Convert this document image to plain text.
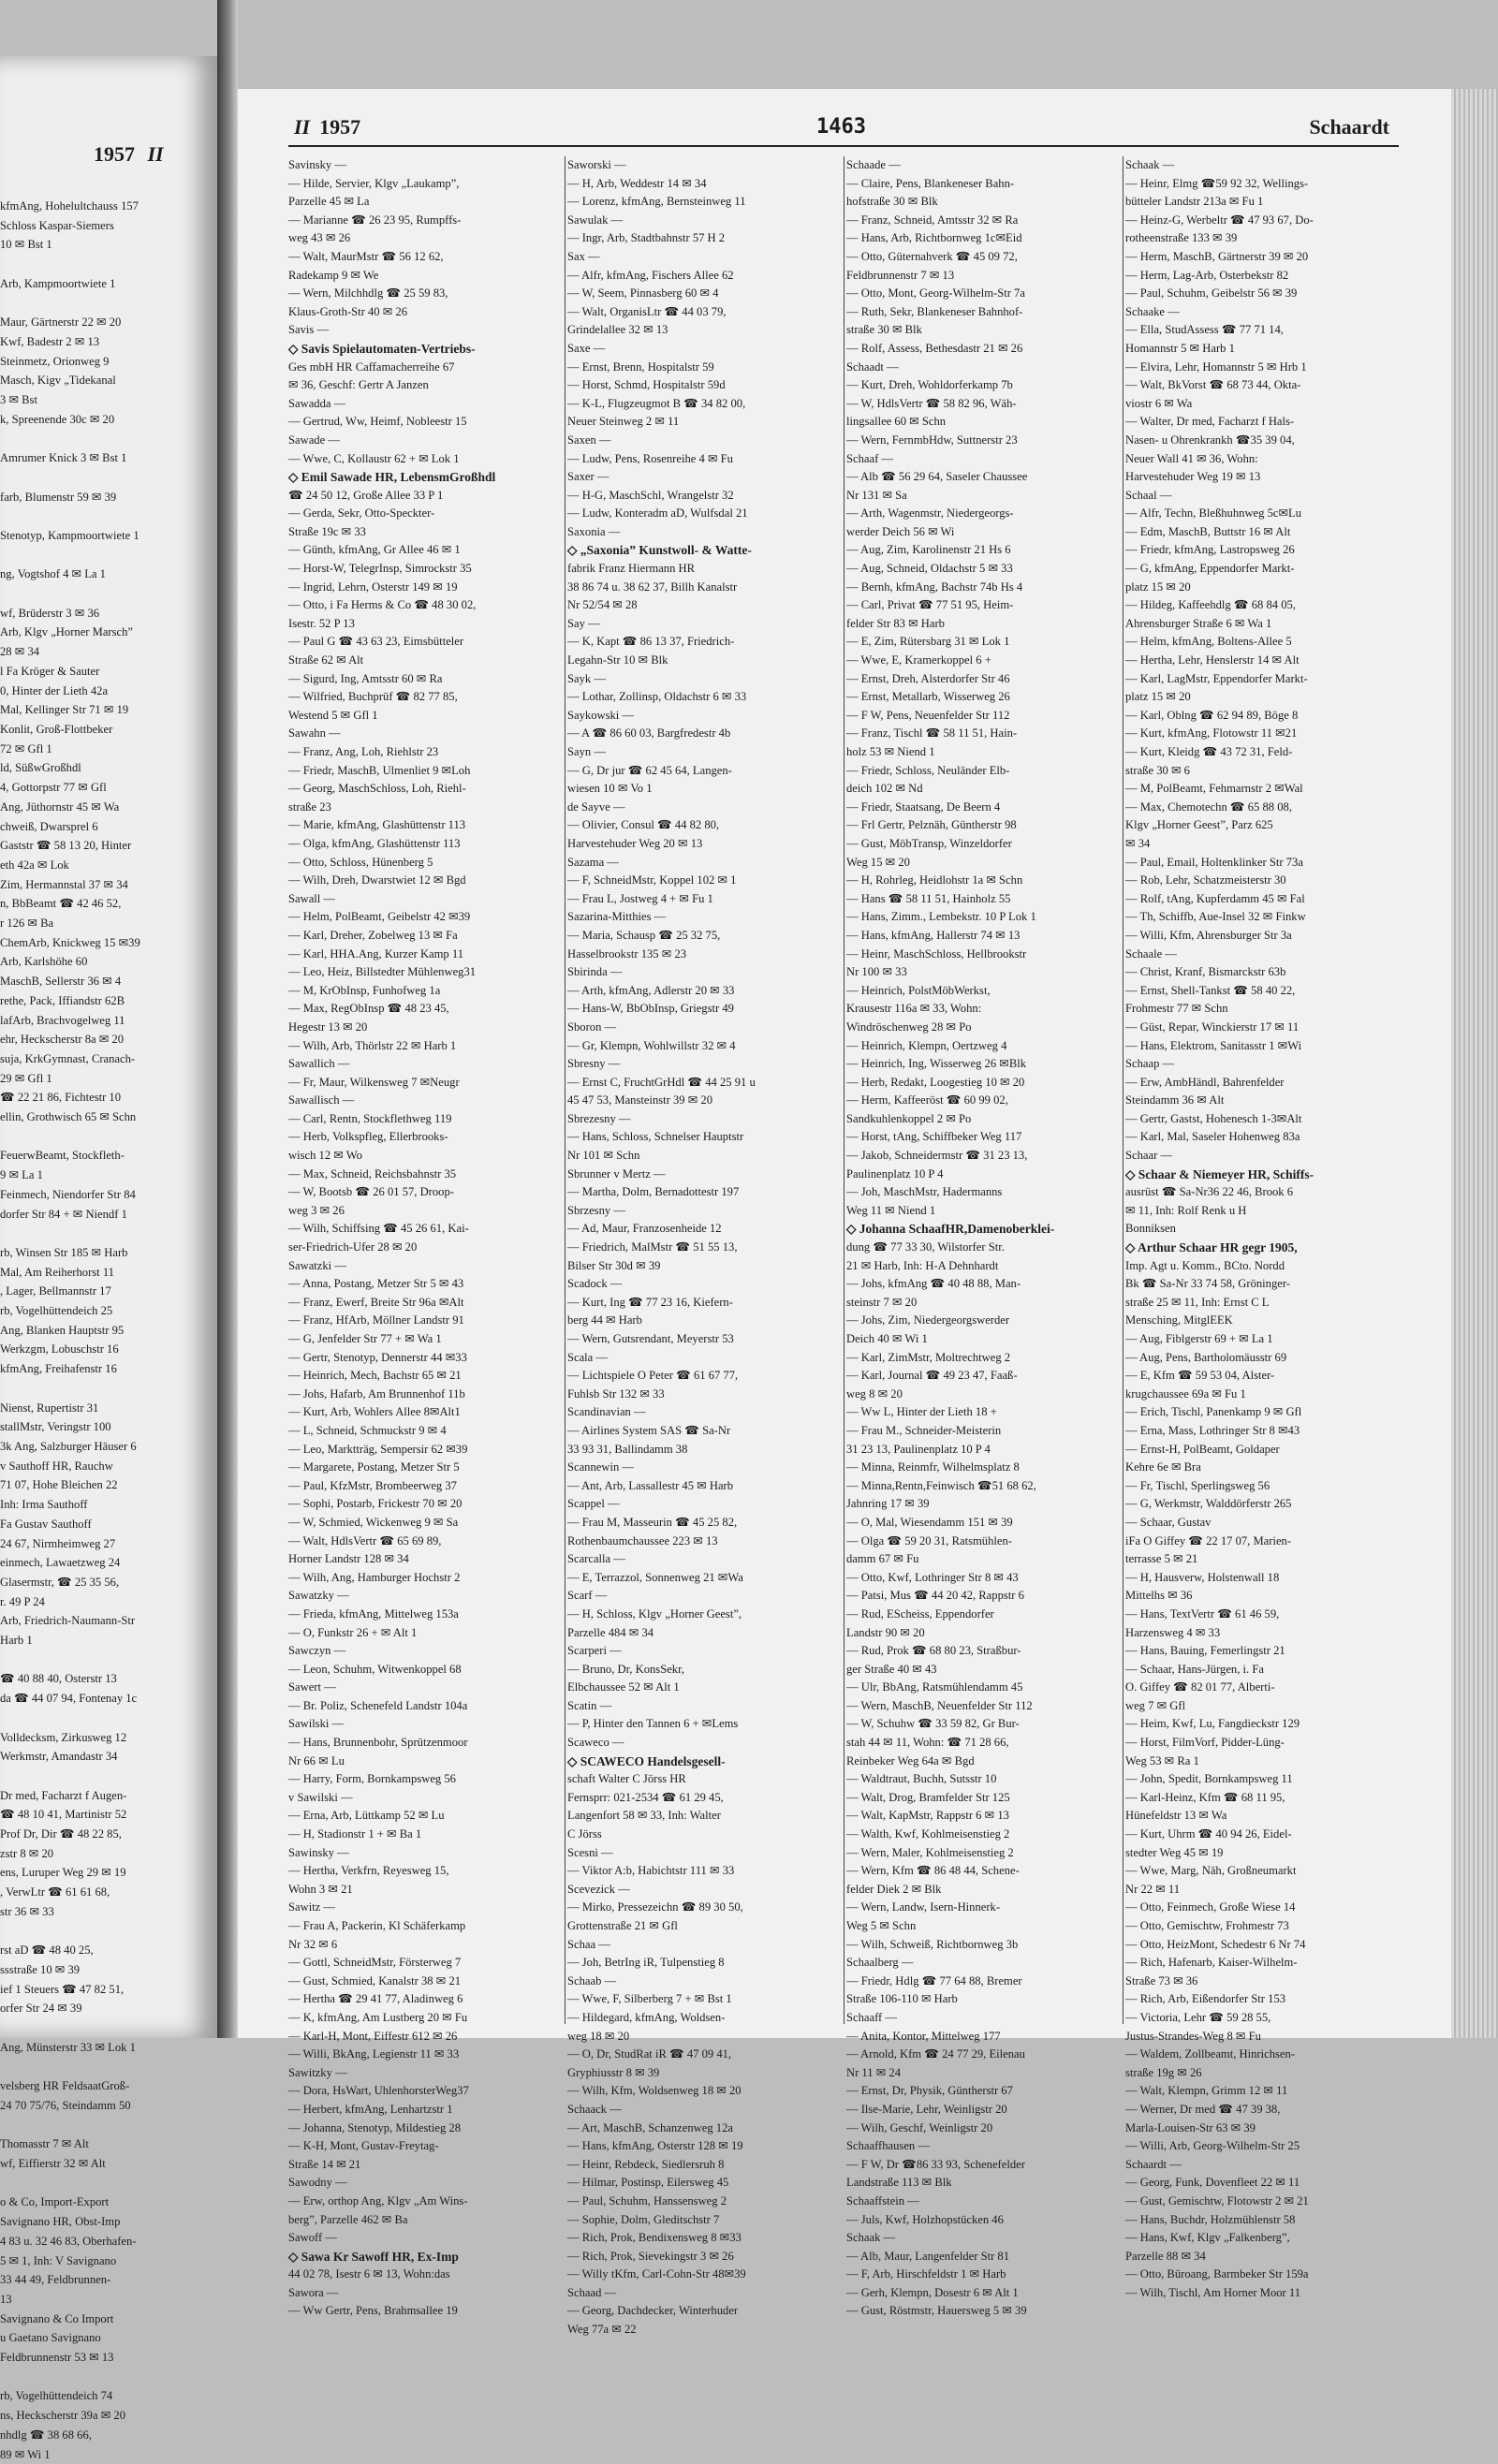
1957 II
kfmAng, Hohelultchauss 157
Schloss Kaspar-Siemers
10 ✉ Bst 1

Arb, Kampmoortwiete 1

Maur, Gärtnerstr 22 ✉ 20
Kwf, Badestr 2 ✉ 13
Steinmetz, Orionweg 9
Masch, Kigv „Tidekanal
3 ✉ Bst
k, Spreenende 30c ✉ 20

Amrumer Knick 3 ✉ Bst 1

farb, Blumenstr 59 ✉ 39

Stenotyp, Kampmoortwiete 1

ng, Vogtshof 4 ✉ La 1

wf, Brüderstr 3 ✉ 36
Arb, Klgv „Horner Marsch”
28 ✉ 34
l Fa Kröger & Sauter
0, Hinter der Lieth 42a
Mal, Kellinger Str 71 ✉ 19
Konlit, Groß-Flottbeker
72 ✉ Gfl 1
ld, SüßwGroßhdl
4, Gottorpstr 77 ✉ Gfl
Ang, Jüthornstr 45 ✉ Wa
chweiß, Dwarsprel 6
Gaststr ☎ 58 13 20, Hinter
eth 42a ✉ Lok
Zim, Hermannstal 37 ✉ 34
n, BbBeamt ☎ 42 46 52,
r 126 ✉ Ba
ChemArb, Knickweg 15 ✉39
Arb, Karlshöhe 60
MaschB, Sellerstr 36 ✉ 4
rethe, Pack, Iffiandstr 62B
lafArb, Brachvogelweg 11
ehr, Heckscherstr 8a ✉ 20
suja, KrkGymnast, Cranach-
29 ✉ Gfl 1
☎ 22 21 86, Fichtestr 10
ellin, Grothwisch 65 ✉ Schn

FeuerwBeamt, Stockfleth-
9 ✉ La 1
Feinmech, Niendorfer Str 84
dorfer Str 84 + ✉ Niendf 1

rb, Winsen Str 185 ✉ Harb
Mal, Am Reiherhorst 11
, Lager, Bellmannstr 17
rb, Vogelhüttendeich 25
Ang, Blanken Hauptstr 95
Werkzgm, Lobuschstr 16
kfmAng, Freihafenstr 16

Nienst, Rupertistr 31
stallMstr, Veringstr 100
3k Ang, Salzburger Häuser 6
v Sauthoff HR, Rauchw
71 07, Hohe Bleichen 22
Inh: Irma Sauthoff
Fa Gustav Sauthoff
24 67, Nirmheimweg 27
einmech, Lawaetzweg 24
Glasermstr, ☎ 25 35 56,
r. 49 P 24
Arb, Friedrich-Naumann-Str
Harb 1

☎ 40 88 40, Osterstr 13
da ☎ 44 07 94, Fontenay 1c

Volldecksm, Zirkusweg 12
Werkmstr, Amandastr 34

Dr med, Facharzt f Augen-
☎ 48 10 41, Martinistr 52
Prof Dr, Dir ☎ 48 22 85,
zstr 8 ✉ 20
ens, Luruper Weg 29 ✉ 19
, VerwLtr ☎ 61 61 68,
str 36 ✉ 33

rst aD ☎ 48 40 25,
ssstraße 10 ✉ 39
ief 1 Steuers ☎ 47 82 51,
orfer Str 24 ✉ 39

Ang, Münsterstr 33 ✉ Lok 1

velsberg HR FeldsaatGroß-
24 70 75/76, Steindamm 50

Thomasstr 7 ✉ Alt
wf, Eiffierstr 32 ✉ Alt

o & Co, Import-Export
Savignano HR, Obst-Imp
4 83 u. 32 46 83, Oberhafen-
5 ✉ 1, Inh: V Savignano
33 44 49, Feldbrunnen-
13
Savignano & Co Import
u Gaetano Savignano
Feldbrunnenstr 53 ✉ 13

rb, Vogelhüttendeich 74
ns, Heckscherstr 39a ✉ 20
nhdlg ☎ 38 68 66,
89 ✉ Wi 1
II 1957	1463	Schaardt
Savinsky —
— Hilde, Servier, Klgv „Laukamp”,
Parzelle 45 ✉ La
— Marianne ☎ 26 23 95, Rumpffs-
weg 43 ✉ 26
— Walt, MaurMstr ☎ 56 12 62,
Radekamp 9 ✉ We
— Wern, Milchhdlg ☎ 25 59 83,
Klaus-Groth-Str 40 ✉ 26
Savis —
◇ Savis Spielautomaten-Vertriebs-
Ges mbH HR Caffamacherreihe 67
✉ 36, Geschf: Gertr A Janzen
Sawadda —
— Gertrud, Ww, Heimf, Nobleestr 15
Sawade —
— Wwe, C, Kollaustr 62 + ✉ Lok 1
◇ Emil Sawade HR, LebensmGroßhdl
☎ 24 50 12, Große Allee 33 P 1
— Gerda, Sekr, Otto-Speckter-
Straße 19c ✉ 33
— Günth, kfmAng, Gr Allee 46 ✉ 1
— Horst-W, TelegrInsp, Simrockstr 35
— Ingrid, Lehrn, Osterstr 149 ✉ 19
— Otto, i Fa Herms & Co ☎ 48 30 02,
Isestr. 52 P 13
— Paul G ☎ 43 63 23, Eimsbütteler
Straße 62 ✉ Alt
— Sigurd, Ing, Amtsstr 60 ✉ Ra
— Wilfried, Buchprüf ☎ 82 77 85,
Westend 5 ✉ Gfl 1
Sawahn —
— Franz, Ang, Loh, Riehlstr 23
— Friedr, MaschB, Ulmenliet 9 ✉Loh
— Georg, MaschSchloss, Loh, Riehl-
straße 23
— Marie, kfmAng, Glashüttenstr 113
— Olga, kfmAng, Glashüttenstr 113
— Otto, Schloss, Hünenberg 5
— Wilh, Dreh, Dwarstwiet 12 ✉ Bgd
Sawall —
— Helm, PolBeamt, Geibelstr 42 ✉39
— Karl, Dreher, Zobelweg 13 ✉ Fa
— Karl, HHA.Ang, Kurzer Kamp 11
— Leo, Heiz, Billstedter Mühlenweg31
— M, KrObInsp, Funhofweg 1a
— Max, RegObInsp ☎ 48 23 45,
Hegestr 13 ✉ 20
— Wilh, Arb, Thörlstr 22 ✉ Harb 1
Sawallich —
— Fr, Maur, Wilkensweg 7 ✉Neugr
Sawallisch —
— Carl, Rentn, Stockflethweg 119
— Herb, Volkspfleg, Ellerbrooks-
wisch 12 ✉ Wo
— Max, Schneid, Reichsbahnstr 35
— W, Bootsb ☎ 26 01 57, Droop-
weg 3 ✉ 26
— Wilh, Schiffsing ☎ 45 26 61, Kai-
ser-Friedrich-Ufer 28 ✉ 20
Sawatzki —
— Anna, Postang, Metzer Str 5 ✉ 43
— Franz, Ewerf, Breite Str 96a ✉Alt
— Franz, HfArb, Möllner Landstr 91
— G, Jenfelder Str 77 + ✉ Wa 1
— Gertr, Stenotyp, Dennerstr 44 ✉33
— Heinrich, Mech, Bachstr 65 ✉ 21
— Johs, Hafarb, Am Brunnenhof 11b
— Kurt, Arb, Wohlers Allee 8✉Alt1
— L, Schneid, Schmuckstr 9 ✉ 4
— Leo, Marktträg, Sempersir 62 ✉39
— Margarete, Postang, Metzer Str 5
— Paul, KfzMstr, Brombeerweg 37
— Sophi, Postarb, Frickestr 70 ✉ 20
— W, Schmied, Wickenweg 9 ✉ Sa
— Walt, HdlsVertr ☎ 65 69 89,
Horner Landstr 128 ✉ 34
— Wilh, Ang, Hamburger Hochstr 2
Sawatzky —
— Frieda, kfmAng, Mittelweg 153a
— O, Funkstr 26 + ✉ Alt 1
Sawczyn —
— Leon, Schuhm, Witwenkoppel 68
Sawert —
— Br. Poliz, Schenefeld Landstr 104a
Sawilski —
— Hans, Brunnenbohr, Sprützenmoor
Nr 66 ✉ Lu
— Harry, Form, Bornkampsweg 56
v Sawilski —
— Erna, Arb, Lüttkamp 52 ✉ Lu
— H, Stadionstr 1 + ✉ Ba 1
Sawinsky —
— Hertha, Verkfrn, Reyesweg 15,
Wohn 3 ✉ 21
Sawitz —
— Frau A, Packerin, Kl Schäferkamp
Nr 32 ✉ 6
— Gottl, SchneidMstr, Försterweg 7
— Gust, Schmied, Kanalstr 38 ✉ 21
— Hertha ☎ 29 41 77, Aladinweg 6
— K, kfmAng, Am Lustberg 20 ✉ Fu
— Karl-H, Mont, Eiffestr 612 ✉ 26
— Willi, BkAng, Legienstr 11 ✉ 33
Sawitzky —
— Dora, HsWart, UhlenhorsterWeg37
— Herbert, kfmAng, Lenhartzstr 1
— Johanna, Stenotyp, Mildestieg 28
— K-H, Mont, Gustav-Freytag-
Straße 14 ✉ 21
Sawodny —
— Erw, orthop Ang, Klgv „Am Wins-
berg”, Parzelle 462 ✉ Ba
Sawoff —
◇ Sawa Kr Sawoff HR, Ex-Imp
44 02 78, Isestr 6 ✉ 13, Wohn:das
Sawora —
— Ww Gertr, Pens, Brahmsallee 19
Saworski —
— H, Arb, Weddestr 14 ✉ 34
— Lorenz, kfmAng, Bernsteinweg 11
Sawulak —
— Ingr, Arb, Stadtbahnstr 57 H 2
Sax —
— Alfr, kfmAng, Fischers Allee 62
— W, Seem, Pinnasberg 60 ✉ 4
— Walt, OrganisLtr ☎ 44 03 79,
Grindelallee 32 ✉ 13
Saxe —
— Ernst, Brenn, Hospitalstr 59
— Horst, Schmd, Hospitalstr 59d
— K-L, Flugzeugmot B ☎ 34 82 00,
Neuer Steinweg 2 ✉ 11
Saxen —
— Ludw, Pens, Rosenreihe 4 ✉ Fu
Saxer —
— H-G, MaschSchl, Wrangelstr 32
— Ludw, Konteradm aD, Wulfsdal 21
Saxonia —
◇ „Saxonia” Kunstwoll- & Watte-
fabrik Franz Hiermann HR
38 86 74 u. 38 62 37, Billh Kanalstr
Nr 52/54 ✉ 28
Say —
— K, Kapt ☎ 86 13 37, Friedrich-
Legahn-Str 10 ✉ Blk
Sayk —
— Lothar, Zollinsp, Oldachstr 6 ✉ 33
Saykowski —
— A ☎ 86 60 03, Bargfredestr 4b
Sayn —
— G, Dr jur ☎ 62 45 64, Langen-
wiesen 10 ✉ Vo 1
de Sayve —
— Olivier, Consul ☎ 44 82 80,
Harvestehuder Weg 20 ✉ 13
Sazama —
— F, SchneidMstr, Koppel 102 ✉ 1
— Frau L, Jostweg 4 + ✉ Fu 1
Sazarina-Mitthies —
— Maria, Schausp ☎ 25 32 75,
Hasselbrookstr 135 ✉ 23
Sbirinda —
— Arth, kfmAng, Adlerstr 20 ✉ 33
— Hans-W, BbObInsp, Griegstr 49
Sboron —
— Gr, Klempn, Wohlwillstr 32 ✉ 4
Sbresny —
— Ernst C, FruchtGrHdl ☎ 44 25 91 u
45 47 53, Mansteinstr 39 ✉ 20
Sbrezesny —
— Hans, Schloss, Schnelser Hauptstr
Nr 101 ✉ Schn
Sbrunner v Mertz —
— Martha, Dolm, Bernadottestr 197
Sbrzesny —
— Ad, Maur, Franzosenheide 12
— Friedrich, MalMstr ☎ 51 55 13,
Bilser Str 30d ✉ 39
Scadock —
— Kurt, Ing ☎ 77 23 16, Kiefern-
berg 44 ✉ Harb
— Wern, Gutsrendant, Meyerstr 53
Scala —
— Lichtspiele O Peter ☎ 61 67 77,
Fuhlsb Str 132 ✉ 33
Scandinavian —
— Airlines System SAS ☎ Sa-Nr
33 93 31, Ballindamm 38
Scannewin —
— Ant, Arb, Lassallestr 45 ✉ Harb
Scappel —
— Frau M, Masseurin ☎ 45 25 82,
Rothenbaumchaussee 223 ✉ 13
Scarcalla —
— E, Terrazzol, Sonnenweg 21 ✉Wa
Scarf —
— H, Schloss, Klgv „Horner Geest”,
Parzelle 484 ✉ 34
Scarperi —
— Bruno, Dr, KonsSekr,
Elbchaussee 52 ✉ Alt 1
Scatin —
— P, Hinter den Tannen 6 + ✉Lems
Scaweco —
◇ SCAWECO Handelsgesell-
schaft Walter C Jörss HR
Fernsprr: 021-2534 ☎ 61 29 45,
Langenfort 58 ✉ 33, Inh: Walter
C Jörss
Scesni —
— Viktor A:b, Habichtstr 111 ✉ 33
Scevezick —
— Mirko, Pressezeichn ☎ 89 30 50,
Grottenstraße 21 ✉ Gfl
Schaa —
— Joh, BetrIng iR, Tulpenstieg 8
Schaab —
— Wwe, F, Silberberg 7 + ✉ Bst 1
— Hildegard, kfmAng, Woldsen-
weg 18 ✉ 20
— O, Dr, StudRat iR ☎ 47 09 41,
Gryphiusstr 8 ✉ 39
— Wilh, Kfm, Woldsenweg 18 ✉ 20
Schaack —
— Art, MaschB, Schanzenweg 12a
— Hans, kfmAng, Osterstr 128 ✉ 19
— Heinr, Rebdeck, Siedlersruh 8
— Hilmar, Postinsp, Eilersweg 45
— Paul, Schuhm, Hanssensweg 2
— Sophie, Dolm, Gleditschstr 7
— Rich, Prok, Bendixensweg 8 ✉33
— Rich, Prok, Sievekingstr 3 ✉ 26
— Willy tKfm, Carl-Cohn-Str 48✉39
Schaad —
— Georg, Dachdecker, Winterhuder
Weg 77a ✉ 22
Schaade —
— Claire, Pens, Blankeneser Bahn-
hofstraße 30 ✉ Blk
— Franz, Schneid, Amtsstr 32 ✉ Ra
— Hans, Arb, Richtbornweg 1c✉Eid
— Otto, Güternahverk ☎ 45 09 72,
Feldbrunnenstr 7 ✉ 13
— Otto, Mont, Georg-Wilhelm-Str 7a
— Ruth, Sekr, Blankeneser Bahnhof-
straße 30 ✉ Blk
— Rolf, Assess, Bethesdastr 21 ✉ 26
Schaadt —
— Kurt, Dreh, Wohldorferkamp 7b
— W, HdlsVertr ☎ 58 82 96, Wäh-
lingsallee 60 ✉ Schn
— Wern, FernmbHdw, Suttnerstr 23
Schaaf —
— Alb ☎ 56 29 64, Saseler Chaussee
Nr 131 ✉ Sa
— Arth, Wagenmstr, Niedergeorgs-
werder Deich 56 ✉ Wi
— Aug, Zim, Karolinenstr 21 Hs 6
— Aug, Schneid, Oldachstr 5 ✉ 33
— Bernh, kfmAng, Bachstr 74b Hs 4
— Carl, Privat ☎ 77 51 95, Heim-
felder Str 83 ✉ Harb
— E, Zim, Rütersbarg 31 ✉ Lok 1
— Wwe, E, Kramerkoppel 6 +
— Ernst, Dreh, Alsterdorfer Str 46
— Ernst, Metallarb, Wisserweg 26
— F W, Pens, Neuenfelder Str 112
— Franz, Tischl ☎ 58 11 51, Hain-
holz 53 ✉ Niend 1
— Friedr, Schloss, Neuländer Elb-
deich 102 ✉ Nd
— Friedr, Staatsang, De Beern 4
— Frl Gertr, Pelznäh, Güntherstr 98
— Gust, MöbTransp, Winzeldorfer
Weg 15 ✉ 20
— H, Rohrleg, Heidlohstr 1a ✉ Schn
— Hans ☎ 58 11 51, Hainholz 55
— Hans, Zimm., Lembekstr. 10 P Lok 1
— Hans, kfmAng, Hallerstr 74 ✉ 13
— Heinr, MaschSchloss, Hellbrookstr
Nr 100 ✉ 33
— Heinrich, PolstMöbWerkst,
Krausestr 116a ✉ 33, Wohn:
Windröschenweg 28 ✉ Po
— Heinrich, Klempn, Oertzweg 4
— Heinrich, Ing, Wisserweg 26 ✉Blk
— Herb, Redakt, Loogestieg 10 ✉ 20
— Herm, Kaffeeröst ☎ 60 99 02,
Sandkuhlenkoppel 2 ✉ Po
— Horst, tAng, Schiffbeker Weg 117
— Jakob, Schneidermstr ☎ 31 23 13,
Paulinenplatz 10 P 4
— Joh, MaschMstr, Hadermanns
Weg 11 ✉ Niend 1
◇ Johanna SchaafHR,Damenoberklei-
dung ☎ 77 33 30, Wilstorfer Str.
21 ✉ Harb, Inh: H-A Dehnhardt
— Johs, kfmAng ☎ 40 48 88, Man-
steinstr 7 ✉ 20
— Johs, Zim, Niedergeorgswerder
Deich 40 ✉ Wi 1
— Karl, ZimMstr, Moltrechtweg 2
— Karl, Journal ☎ 49 23 47, Faaß-
weg 8 ✉ 20
— Ww L, Hinter der Lieth 18 +
— Frau M., Schneider-Meisterin
31 23 13, Paulinenplatz 10 P 4
— Minna, Reinmfr, Wilhelmsplatz 8
— Minna,Rentn,Feinwisch ☎51 68 62,
Jahnring 17 ✉ 39
— O, Mal, Wiesendamm 151 ✉ 39
— Olga ☎ 59 20 31, Ratsmühlen-
damm 67 ✉ Fu
— Otto, Kwf, Lothringer Str 8 ✉ 43
— Patsi, Mus ☎ 44 20 42, Rappstr 6
— Rud, EScheiss, Eppendorfer
Landstr 90 ✉ 20
— Rud, Prok ☎ 68 80 23, Straßbur-
ger Straße 40 ✉ 43
— Ulr, BbAng, Ratsmühlendamm 45
— Wern, MaschB, Neuenfelder Str 112
— W, Schuhw ☎ 33 59 82, Gr Bur-
stah 44 ✉ 11, Wohn: ☎ 71 28 66,
Reinbeker Weg 64a ✉ Bgd
— Waldtraut, Buchh, Sutsstr 10
— Walt, Drog, Bramfelder Str 125
— Walt, KapMstr, Rappstr 6 ✉ 13
— Walth, Kwf, Kohlmeisenstieg 2
— Wern, Maler, Kohlmeisenstieg 2
— Wern, Kfm ☎ 86 48 44, Schene-
felder Diek 2 ✉ Blk
— Wern, Landw, Isern-Hinnerk-
Weg 5 ✉ Schn
— Wilh, Schweiß, Richtbornweg 3b
Schaalberg —
— Friedr, Hdlg ☎ 77 64 88, Bremer
Straße 106-110 ✉ Harb
Schaaff —
— Anita, Kontor, Mittelweg 177
— Arnold, Kfm ☎ 24 77 29, Eilenau
Nr 11 ✉ 24
— Ernst, Dr, Physik, Güntherstr 67
— Ilse-Marie, Lehr, Weinligstr 20
— Wilh, Geschf, Weinligstr 20
Schaaffhausen —
— F W, Dr ☎86 33 93, Schenefelder
Landstraße 113 ✉ Blk
Schaaffstein —
— Juls, Kwf, Holzhopstücken 46
Schaak —
— Alb, Maur, Langenfelder Str 81
— F, Arb, Hirschfeldstr 1 ✉ Harb
— Gerh, Klempn, Dosestr 6 ✉ Alt 1
— Gust, Röstmstr, Hauersweg 5 ✉ 39
Schaak —
— Heinr, Elmg ☎59 92 32, Wellings-
bütteler Landstr 213a ✉ Fu 1
— Heinz-G, Werbeltr ☎ 47 93 67, Do-
rotheenstraße 133 ✉ 39
— Herm, MaschB, Gärtnerstr 39 ✉ 20
— Herm, Lag-Arb, Osterbekstr 82
— Paul, Schuhm, Geibelstr 56 ✉ 39
Schaake —
— Ella, StudAssess ☎ 77 71 14,
Homannstr 5 ✉ Harb 1
— Elvira, Lehr, Homannstr 5 ✉ Hrb 1
— Walt, BkVorst ☎ 68 73 44, Okta-
viostr 6 ✉ Wa
— Walter, Dr med, Facharzt f Hals-
Nasen- u Ohrenkrankh ☎35 39 04,
Neuer Wall 41 ✉ 36, Wohn:
Harvestehuder Weg 19 ✉ 13
Schaal —
— Alfr, Techn, Bleßhuhnweg 5c✉Lu
— Edm, MaschB, Buttstr 16 ✉ Alt
— Friedr, kfmAng, Lastropsweg 26
— G, kfmAng, Eppendorfer Markt-
platz 15 ✉ 20
— Hildeg, Kaffeehdlg ☎ 68 84 05,
Ahrensburger Straße 6 ✉ Wa 1
— Helm, kfmAng, Boltens-Allee 5
— Hertha, Lehr, Henslerstr 14 ✉ Alt
— Karl, LagMstr, Eppendorfer Markt-
platz 15 ✉ 20
— Karl, Oblng ☎ 62 94 89, Böge 8
— Kurt, kfmAng, Flotowstr 11 ✉21
— Kurt, Kleidg ☎ 43 72 31, Feld-
straße 30 ✉ 6
— M, PolBeamt, Fehmarnstr 2 ✉Wal
— Max, Chemotechn ☎ 65 88 08,
Klgv „Horner Geest”, Parz 625
✉ 34
— Paul, Email, Holtenklinker Str 73a
— Rob, Lehr, Schatzmeisterstr 30
— Rolf, tAng, Kupferdamm 45 ✉ Fal
— Th, Schiffb, Aue-Insel 32 ✉ Finkw
— Willi, Kfm, Ahrensburger Str 3a
Schaale —
— Christ, Kranf, Bismarckstr 63b
— Ernst, Shell-Tankst ☎ 58 40 22,
Frohmestr 77 ✉ Schn
— Güst, Repar, Winckierstr 17 ✉ 11
— Hans, Elektrom, Sanitasstr 1 ✉Wi
Schaap —
— Erw, AmbHändl, Bahrenfelder
Steindamm 36 ✉ Alt
— Gertr, Gastst, Hohenesch 1-3✉Alt
— Karl, Mal, Saseler Hohenweg 83a
Schaar —
◇ Schaar & Niemeyer HR, Schiffs-
ausrüst ☎ Sa-Nr36 22 46, Brook 6
✉ 11, Inh: Rolf Renk u H
Bonniksen
◇ Arthur Schaar HR gegr 1905,
Imp. Agt u. Komm., BCto. Nordd
Bk ☎ Sa-Nr 33 74 58, Gröninger-
straße 25 ✉ 11, Inh: Ernst C L
Mensching, MitglEEK
— Aug, Fiblgerstr 69 + ✉ La 1
— Aug, Pens, Bartholomäusstr 69
— E, Kfm ☎ 59 53 04, Alster-
krugchaussee 69a ✉ Fu 1
— Erich, Tischl, Panenkamp 9 ✉ Gfl
— Erna, Mass, Lothringer Str 8 ✉43
— Ernst-H, PolBeamt, Goldaper
Kehre 6e ✉ Bra
— Fr, Tischl, Sperlingsweg 56
— G, Werkmstr, Walddörferstr 265
— Schaar, Gustav
iFa O Giffey ☎ 22 17 07, Marien-
terrasse 5 ✉ 21
— H, Hausverw, Holstenwall 18
Mittelhs ✉ 36
— Hans, TextVertr ☎ 61 46 59,
Harzensweg 4 ✉ 33
— Hans, Bauing, Femerlingstr 21
— Schaar, Hans-Jürgen, i. Fa
O. Giffey ☎ 82 01 77, Alberti-
weg 7 ✉ Gfl
— Heim, Kwf, Lu, Fangdieckstr 129
— Horst, FilmVorf, Pidder-Lüng-
Weg 53 ✉ Ra 1
— John, Spedit, Bornkampsweg 11
— Karl-Heinz, Kfm ☎ 68 11 95,
Hünefeldstr 13 ✉ Wa
— Kurt, Uhrm ☎ 40 94 26, Eidel-
stedter Weg 45 ✉ 19
— Wwe, Marg, Näh, Großneumarkt
Nr 22 ✉ 11
— Otto, Feinmech, Große Wiese 14
— Otto, Gemischtw, Frohmestr 73
— Otto, HeizMont, Schedestr 6 Nr 74
— Rich, Hafenarb, Kaiser-Wilhelm-
Straße 73 ✉ 36
— Rich, Arb, Eißendorfer Str 153
— Victoria, Lehr ☎ 59 28 55,
Justus-Strandes-Weg 8 ✉ Fu
— Waldem, Zollbeamt, Hinrichsen-
straße 19g ✉ 26
— Walt, Klempn, Grimm 12 ✉ 11
— Werner, Dr med ☎ 47 39 38,
Marla-Louisen-Str 63 ✉ 39
— Willi, Arb, Georg-Wilhelm-Str 25
Schaardt —
— Georg, Funk, Dovenfleet 22 ✉ 11
— Gust, Gemischtw, Flotowstr 2 ✉ 21
— Hans, Buchdr, Holzmühlenstr 58
— Hans, Kwf, Klgv „Falkenberg”,
Parzelle 88 ✉ 34
— Otto, Büroang, Barmbeker Str 159a
— Wilh, Tischl, Am Horner Moor 11
